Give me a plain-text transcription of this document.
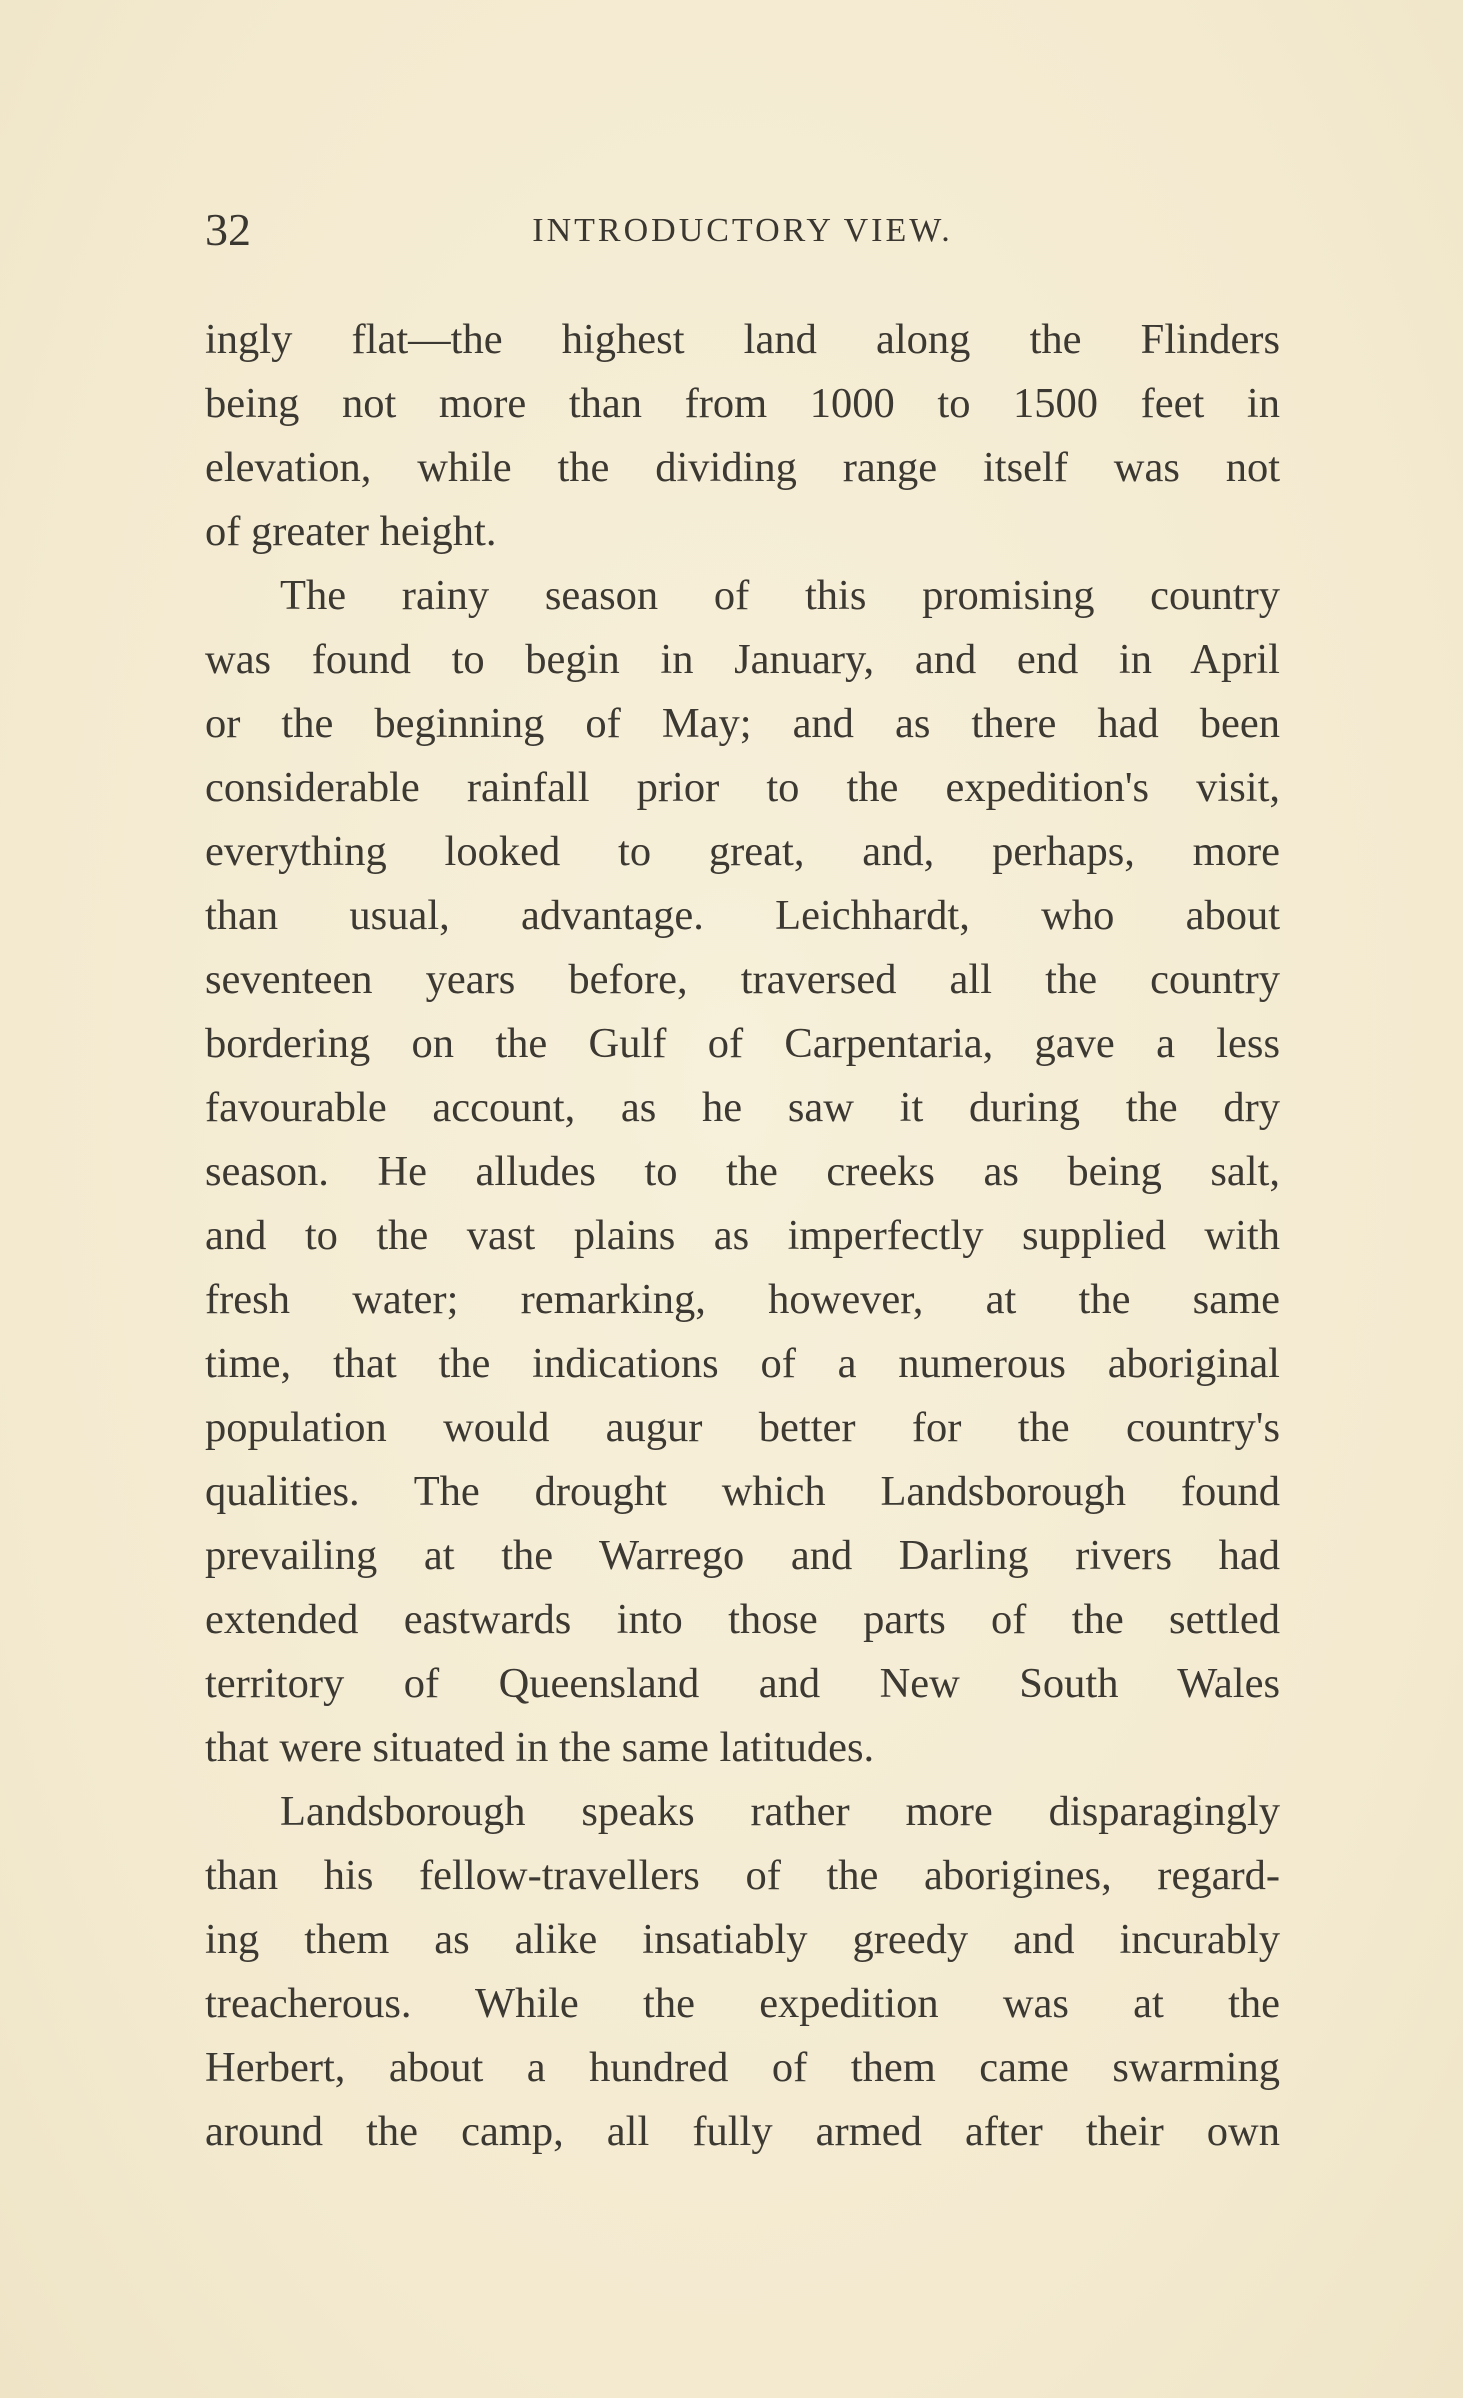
32	INTRODUCTORY VIEW.
ingly flat—the highest land along the Flinders
being not more than from 1000 to 1500 feet in
elevation, while the dividing range itself was not
of greater height.
The rainy season of this promising country
was found to begin in January, and end in April
or the beginning of May; and as there had been
considerable rainfall prior to the expedition's visit,
everything looked to great, and, perhaps, more
than usual, advantage. Leichhardt, who about
seventeen years before, traversed all the country
bordering on the Gulf of Carpentaria, gave a less
favourable account, as he saw it during the dry
season. He alludes to the creeks as being salt,
and to the vast plains as imperfectly supplied with
fresh water; remarking, however, at the same
time, that the indications of a numerous aboriginal
population would augur better for the country's
qualities. The drought which Landsborough found
prevailing at the Warrego and Darling rivers had
extended eastwards into those parts of the settled
territory of Queensland and New South Wales
that were situated in the same latitudes.
Landsborough speaks rather more disparagingly
than his fellow-travellers of the aborigines, regard-
ing them as alike insatiably greedy and incurably
treacherous. While the expedition was at the
Herbert, about a hundred of them came swarming
around the camp, all fully armed after their own
